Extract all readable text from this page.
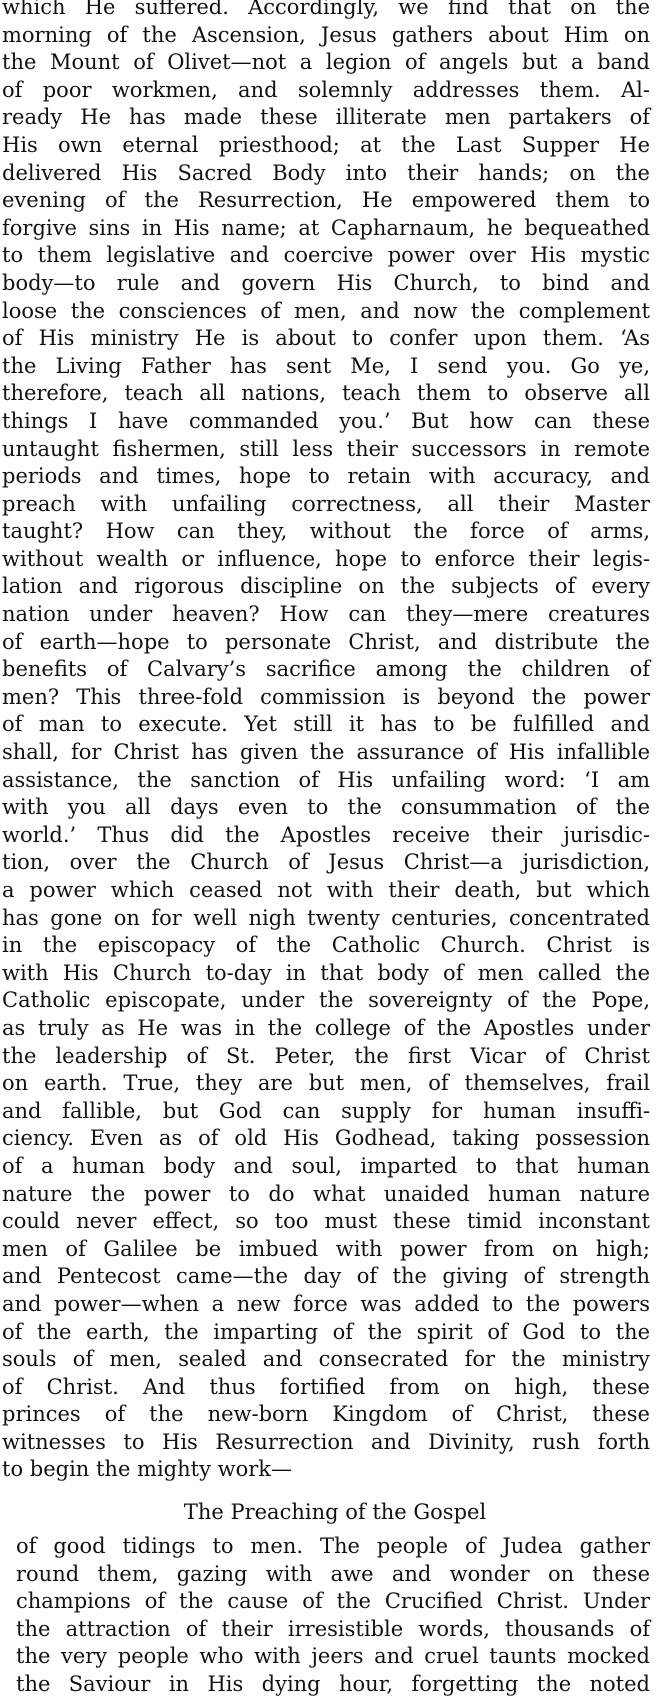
which He suffered. Accordingly, we find that on the
morning of the Ascension, Jesus gathers about Him on
the Mount of Olivet—not a legion of angels but a band
of poor workmen, and solemnly addresses them. Al-
ready He has made these illiterate men partakers of
His own eternal priesthood; at the Last Supper He
delivered His Sacred Body into their hands; on the
evening of the Resurrection, He empowered them to
forgive sins in His name; at Capharnaum, he bequeathed
to them legislative and coercive power over His mystic
body—to rule and govern His Church, to bind and
loose the consciences of men, and now the complement
of His ministry He is about to confer upon them. ‘As
the Living Father has sent Me, I send you. Go ye,
therefore, teach all nations, teach them to observe all
things I have commanded you.’ But how can these
untaught fishermen, still less their successors in remote
periods and times, hope to retain with accuracy, and
preach with unfailing correctness, all their Master
taught? How can they, without the force of arms,
without wealth or influence, hope to enforce their legis-
lation and rigorous discipline on the subjects of every
nation under heaven? How can they—mere creatures
of earth—hope to personate Christ, and distribute the
benefits of Calvary’s sacrifice among the children of
men? This three-fold commission is beyond the power
of man to execute. Yet still it has to be fulfilled and
shall, for Christ has given the assurance of His infallible
assistance, the sanction of His unfailing word: ‘I am
with you all days even to the consummation of the
world.’ Thus did the Apostles receive their jurisdic-
tion, over the Church of Jesus Christ—a jurisdiction,
a power which ceased not with their death, but which
has gone on for well nigh twenty centuries, concentrated
in the episcopacy of the Catholic Church. Christ is
with His Church to-day in that body of men called the
Catholic episcopate, under the sovereignty of the Pope,
as truly as He was in the college of the Apostles under
the leadership of St. Peter, the first Vicar of Christ
on earth. True, they are but men, of themselves, frail
and fallible, but God can supply for human insuffi-
ciency. Even as of old His Godhead, taking possession
of a human body and soul, imparted to that human
nature the power to do what unaided human nature
could never effect, so too must these timid inconstant
men of Galilee be imbued with power from on high;
and Pentecost came—the day of the giving of strength
and power—when a new force was added to the powers
of the earth, the imparting of the spirit of God to the
souls of men, sealed and consecrated for the ministry
of Christ. And thus fortified from on high, these
princes of the new-born Kingdom of Christ, these
witnesses to His Resurrection and Divinity, rush forth
to begin the mighty work—
The Preaching of the Gospel
of good tidings to men. The people of Judea gather
round them, gazing with awe and wonder on these
champions of the cause of the Crucified Christ. Under
the attraction of their irresistible words, thousands of
the very people who with jeers and cruel taunts mocked
the Saviour in His dying hour, forgetting the noted
